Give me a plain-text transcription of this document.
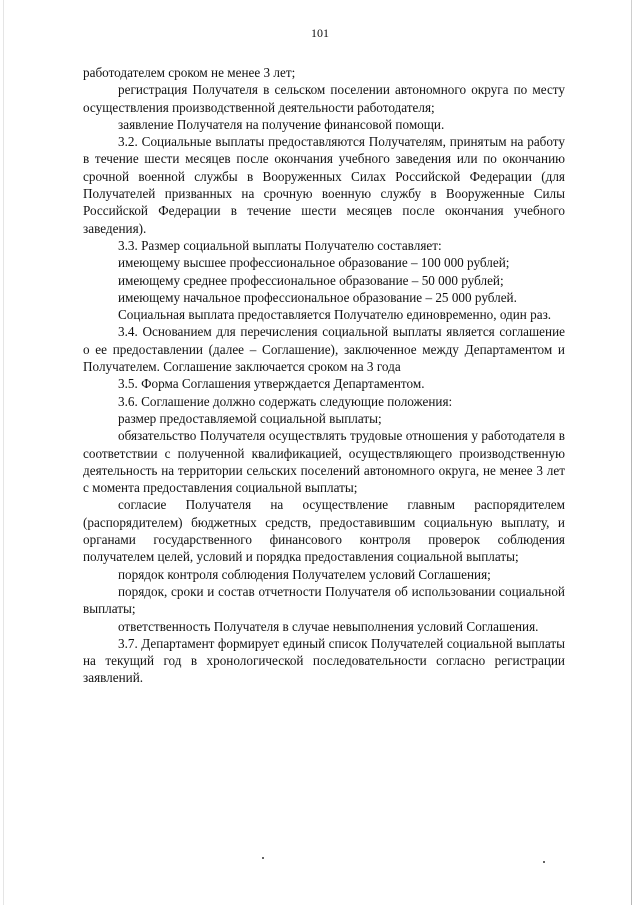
101

работодателем сроком не менее 3 лет;

регистрация Получателя в сельском поселении автономного округа по месту осуществления производственной деятельности работодателя;

заявление Получателя на получение финансовой помощи.

3.2. Социальные выплаты предоставляются Получателям, принятым на работу в течение шести месяцев после окончания учебного заведения или по окончанию срочной военной службы в Вооруженных Силах Российской Федерации (для Получателей призванных на срочную военную службу в Вооруженные Силы Российской Федерации в течение шести месяцев после окончания учебного заведения).

3.3. Размер социальной выплаты Получателю составляет:

имеющему высшее профессиональное образование – 100 000 рублей;

имеющему среднее профессиональное образование – 50 000 рублей;

имеющему начальное профессиональное образование – 25 000 рублей.

Социальная выплата предоставляется Получателю единовременно, один раз.

3.4. Основанием для перечисления социальной выплаты является соглашение о ее предоставлении (далее – Соглашение), заключенное между Департаментом и Получателем. Соглашение заключается сроком на 3 года

3.5. Форма Соглашения утверждается Департаментом.

3.6. Соглашение должно содержать следующие положения:

размер предоставляемой социальной выплаты;

обязательство Получателя осуществлять трудовые отношения у работодателя в соответствии с полученной квалификацией, осуществляющего производственную деятельность на территории сельских поселений автономного округа, не менее 3 лет с момента предоставления социальной выплаты;

согласие Получателя на осуществление главным распорядителем (распорядителем) бюджетных средств, предоставившим социальную выплату, и органами государственного финансового контроля проверок соблюдения получателем целей, условий и порядка предоставления социальной выплаты;

порядок контроля соблюдения Получателем условий Соглашения;

порядок, сроки и состав отчетности Получателя об использовании социальной выплаты;

ответственность Получателя в случае невыполнения условий Соглашения.

3.7. Департамент формирует единый список Получателей социальной выплаты на текущий год в хронологической последовательности согласно регистрации заявлений.
